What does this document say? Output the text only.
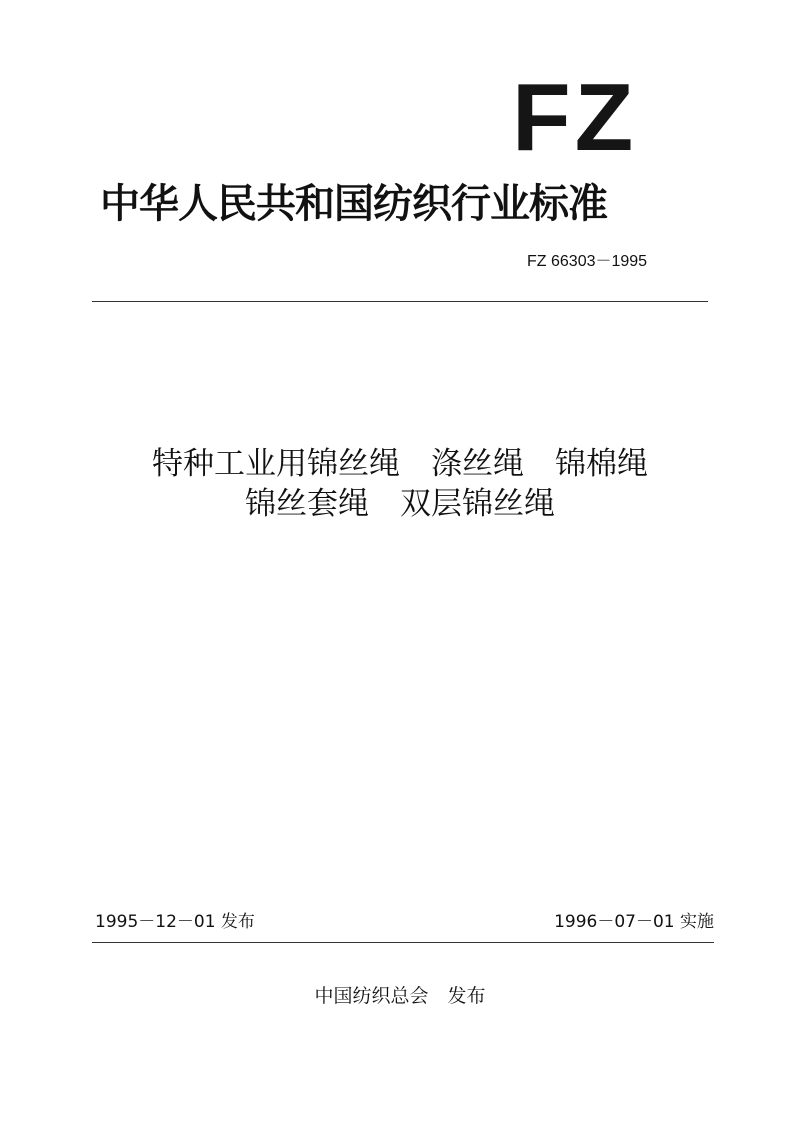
FZ
中华人民共和国纺织行业标准
FZ 66303－1995
特种工业用锦丝绳　涤丝绳　锦棉绳
锦丝套绳　双层锦丝绳
1995－12－01 发布	1996－07－01 实施
中国纺织总会　发布
